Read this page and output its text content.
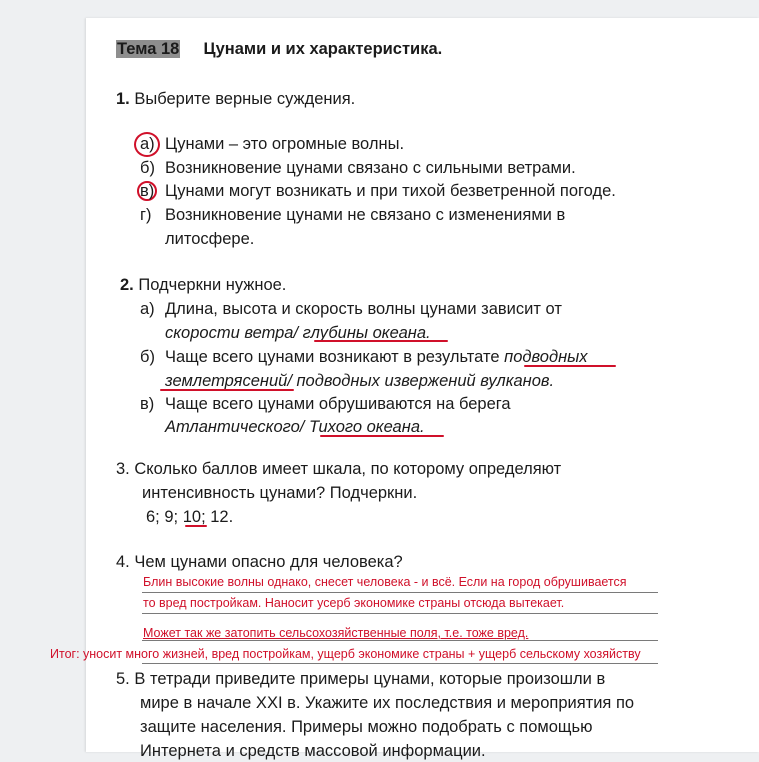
Тема 18 Цунами и их характеристика.
1. Выберите верные суждения.
а) Цунами – это огромные волны.
б) Возникновение цунами связано с сильными ветрами.
в) Цунами могут возникать и при тихой безветренной погоде.
г) Возникновение цунами не связано с изменениями в
литосфере.
2. Подчеркни нужное.
а) Длина, высота и скорость волны цунами зависит от
скорости ветра/ глубины океана.
б) Чаще всего цунами возникают в результате подводных
землетрясений/ подводных извержений вулканов.
в) Чаще всего цунами обрушиваются на берега
Атлантического/ Тихого океана.
3. Сколько баллов имеет шкала, по которому определяют
интенсивность цунами? Подчеркни.
6; 9; 10; 12.
4. Чем цунами опасно для человека?
Блин высокие волны однако, снесет человека - и всё. Если на город обрушивается
то вред постройкам. Наносит усерб экономике страны отсюда вытекает.
Может так же затопить сельсохозяйственные поля, т.е. тоже вред.
Итог: уносит много жизней, вред постройкам, ущерб экономике страны + ущерб сельскому хозяйству
5. В тетради приведите примеры цунами, которые произошли в
мире в начале XXI в. Укажите их последствия и мероприятия по
защите населения. Примеры можно подобрать с помощью
Интернета и средств массовой информации.
